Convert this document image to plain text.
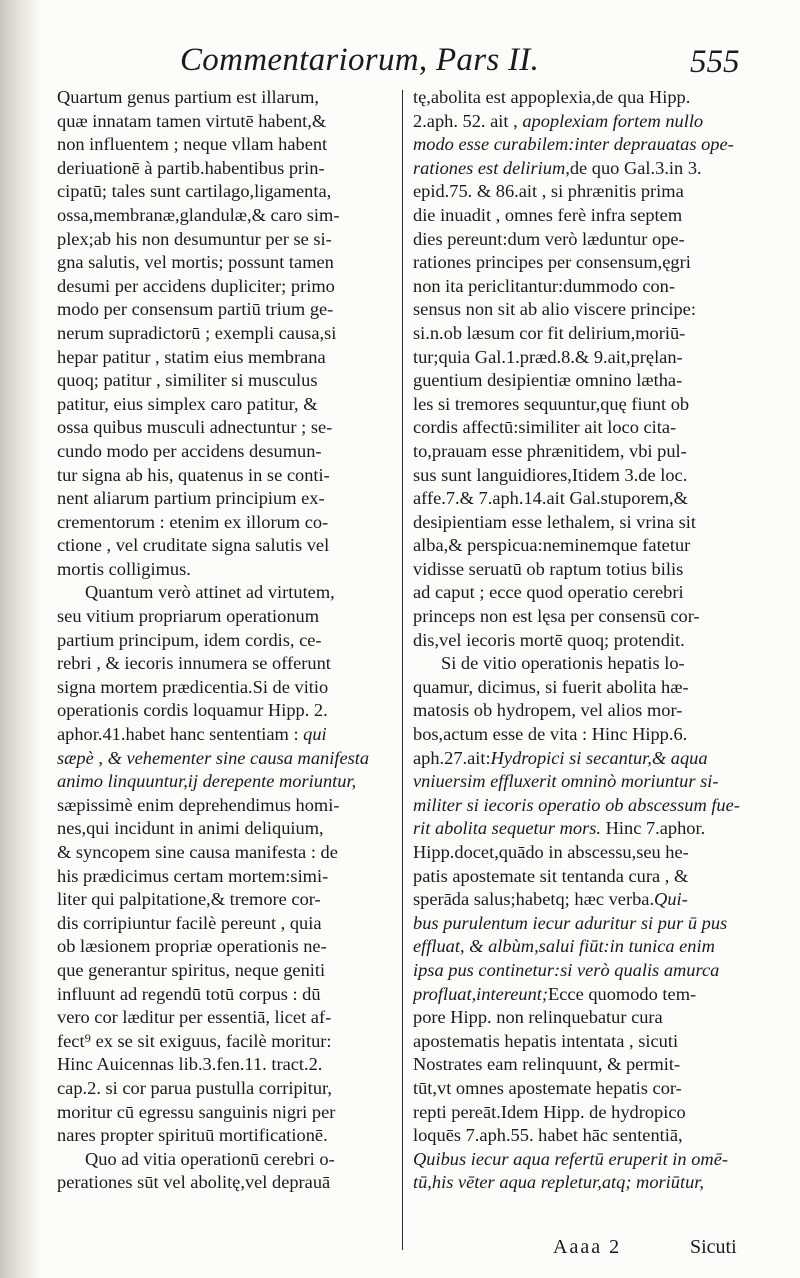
Commentariorum, Pars II.	555
Quartum genus partium est illarum,
quæ innatam tamen virtutē habent,&
non influentem ; neque vllam habent
deriuationē à partib.habentibus prin-
cipatū; tales sunt cartilago,ligamenta,
ossa,membranæ,glandulæ,& caro sim-
plex;ab his non desumuntur per se si-
gna salutis, vel mortis; possunt tamen
desumi per accidens dupliciter; primo
modo per consensum partiū trium ge-
nerum supradictorū ; exempli causa,si
hepar patitur , statim eius membrana
quoq; patitur , similiter si musculus
patitur, eius simplex caro patitur, &
ossa quibus musculi adnectuntur ; se-
cundo modo per accidens desumun-
tur signa ab his, quatenus in se conti-
nent aliarum partium principium ex-
crementorum : etenim ex illorum co-
ctione , vel cruditate signa salutis vel
mortis colligimus.
Quantum verò attinet ad virtutem,
seu vitium propriarum operationum
partium principum, idem cordis, ce-
rebri , & iecoris innumera se offerunt
signa mortem prædicentia.Si de vitio
operationis cordis loquamur Hipp. 2.
aphor.41.habet hanc sententiam : qui
sæpè , & vehementer sine causa manifesta
animo linquuntur,ij derepente moriuntur,
sæpissimè enim deprehendimus homi-
nes,qui incidunt in animi deliquium,
& syncopem sine causa manifesta : de
his prædicimus certam mortem:simi-
liter qui palpitatione,& tremore cor-
dis corripiuntur facilè pereunt , quia
ob læsionem propriæ operationis ne-
que generantur spiritus, neque geniti
influunt ad regendū totū corpus : dū
vero cor læditur per essentiā, licet af-
fect⁹ ex se sit exiguus, facilè moritur:
Hinc Auicennas lib.3.fen.11. tract.2.
cap.2. si cor parua pustulla corripitur,
moritur cū egressu sanguinis nigri per
nares propter spirituū mortificationē.
Quo ad vitia operationū cerebri o-
perationes sūt vel abolitę,vel deprauā
tę,abolita est appoplexia,de qua Hipp.
2.aph. 52. ait , apoplexiam fortem nullo
modo esse curabilem:inter deprauatas ope-
rationes est delirium,de quo Gal.3.in 3.
epid.75. & 86.ait , si phrænitis prima
die inuadit , omnes ferè infra septem
dies pereunt:dum verò læduntur ope-
rationes principes per consensum,ęgri
non ita periclitantur:dummodo con-
sensus non sit ab alio viscere principe:
si.n.ob læsum cor fit delirium,moriū-
tur;quia Gal.1.præd.8.& 9.ait,pręlan-
guentium desipientiæ omnino lætha-
les si tremores sequuntur,quę fiunt ob
cordis affectū:similiter ait loco cita-
to,prauam esse phrænitidem, vbi pul-
sus sunt languidiores,Itidem 3.de loc.
affe.7.& 7.aph.14.ait Gal.stuporem,&
desipientiam esse lethalem, si vrina sit
alba,& perspicua:neminemque fatetur
vidisse seruatū ob raptum totius bilis
ad caput ; ecce quod operatio cerebri
princeps non est lęsa per consensū cor-
dis,vel iecoris mortē quoq; protendit.
Si de vitio operationis hepatis lo-
quamur, dicimus, si fuerit abolita hæ-
matosis ob hydropem, vel alios mor-
bos,actum esse de vita : Hinc Hipp.6.
aph.27.ait:Hydropici si secantur,& aqua
vniuersim effluxerit omninò moriuntur si-
militer si iecoris operatio ob abscessum fue-
rit abolita sequetur mors. Hinc 7.aphor.
Hipp.docet,quādo in abscessu,seu he-
patis apostemate sit tentanda cura , &
sperāda salus;habetq; hæc verba.Qui-
bus purulentum iecur aduritur si pur ū pus
effluat, & albùm,salui fiūt:in tunica enim
ipsa pus continetur:si verò qualis amurca
profluat,intereunt;Ecce quomodo tem-
pore Hipp. non relinquebatur cura
apostematis hepatis intentata , sicuti
Nostrates eam relinquunt, & permit-
tūt,vt omnes apostemate hepatis cor-
repti pereāt.Idem Hipp. de hydropico
loquēs 7.aph.55. habet hāc sententiā,
Quibus iecur aqua refertū eruperit in omē-
tū,his vēter aqua repletur,atq; moriūtur,
Aaaa 2	Sicuti
